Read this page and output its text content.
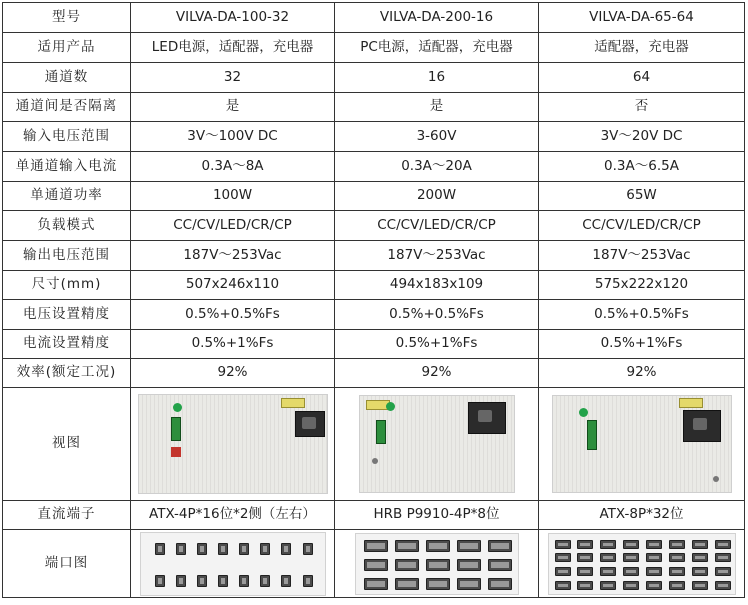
型号	VILVA-DA-100-32	VILVA-DA-200-16	VILVA-DA-65-64
适用产品	LED电源，适配器，充电器	PC电源，适配器，充电器	适配器，充电器
通道数	32	16	64
通道间是否隔离	是	是	否
输入电压范围	3V～100V DC	3-60V	3V～20V DC
单通道输入电流	0.3A～8A	0.3A～20A	0.3A～6.5A
单通道功率	100W	200W	65W
负载模式	CC/CV/LED/CR/CP	CC/CV/LED/CR/CP	CC/CV/LED/CR/CP
输出电压范围	187V～253Vac	187V～253Vac	187V～253Vac
尺寸(mm)	507x246x110	494x183x109	575x222x120
电压设置精度	0.5%+0.5%Fs	0.5%+0.5%Fs	0.5%+0.5%Fs
电流设置精度	0.5%+1%Fs	0.5%+1%Fs	0.5%+1%Fs
效率(额定工况)	92%	92%	92%
视图	

直流端子	ATX-4P*16位*2侧（左右）	HRB P9910-4P*8位	ATX-8P*32位
端口图	
